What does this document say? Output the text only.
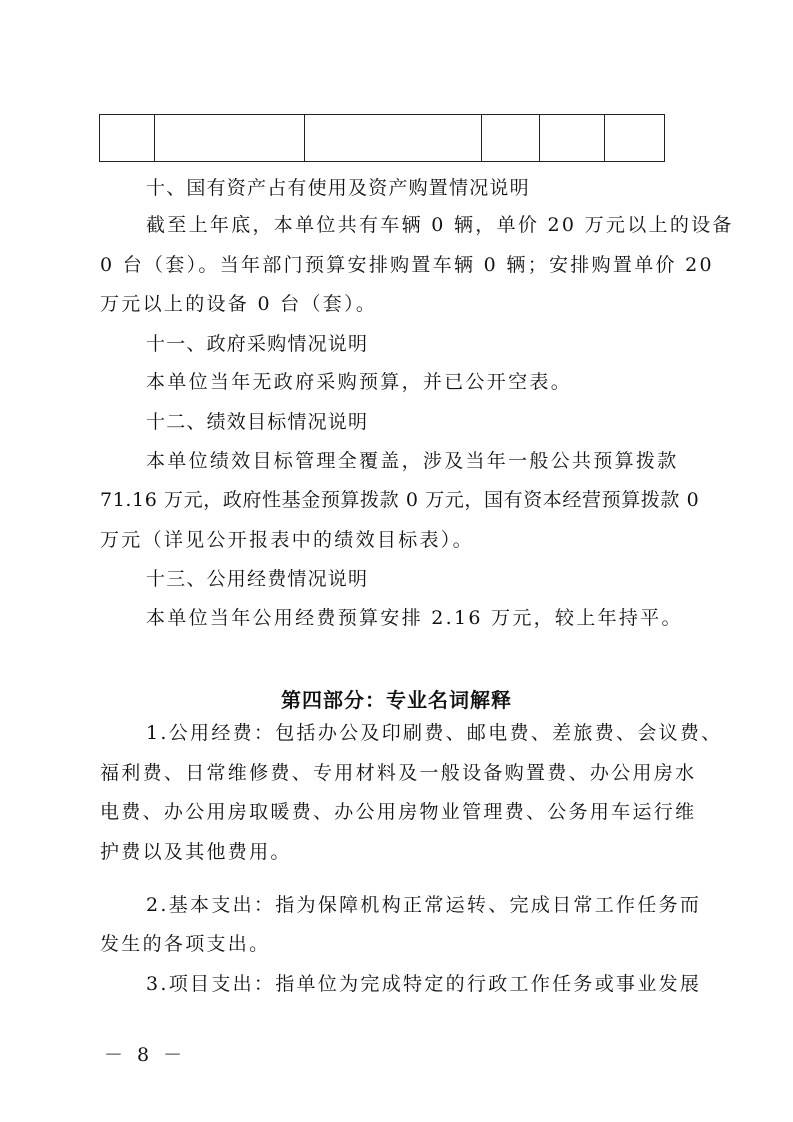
十、国有资产占有使用及资产购置情况说明
截至上年底，本单位共有车辆 0 辆，单价 20 万元以上的设备
0 台（套）。当年部门预算安排购置车辆 0 辆；安排购置单价 20
万元以上的设备 0 台（套）。
十一、政府采购情况说明
本单位当年无政府采购预算，并已公开空表。
十二、绩效目标情况说明
本单位绩效目标管理全覆盖，涉及当年一般公共预算拨款
71.16 万元，政府性基金预算拨款 0 万元，国有资本经营预算拨款 0
万元（详见公开报表中的绩效目标表）。
十三、公用经费情况说明
本单位当年公用经费预算安排 2.16 万元，较上年持平。
第四部分：专业名词解释
1.公用经费：包括办公及印刷费、邮电费、差旅费、会议费、
福利费、日常维修费、专用材料及一般设备购置费、办公用房水
电费、办公用房取暖费、办公用房物业管理费、公务用车运行维
护费以及其他费用。
2.基本支出：指为保障机构正常运转、完成日常工作任务而
发生的各项支出。
3.项目支出：指单位为完成特定的行政工作任务或事业发展
－ 8 －
